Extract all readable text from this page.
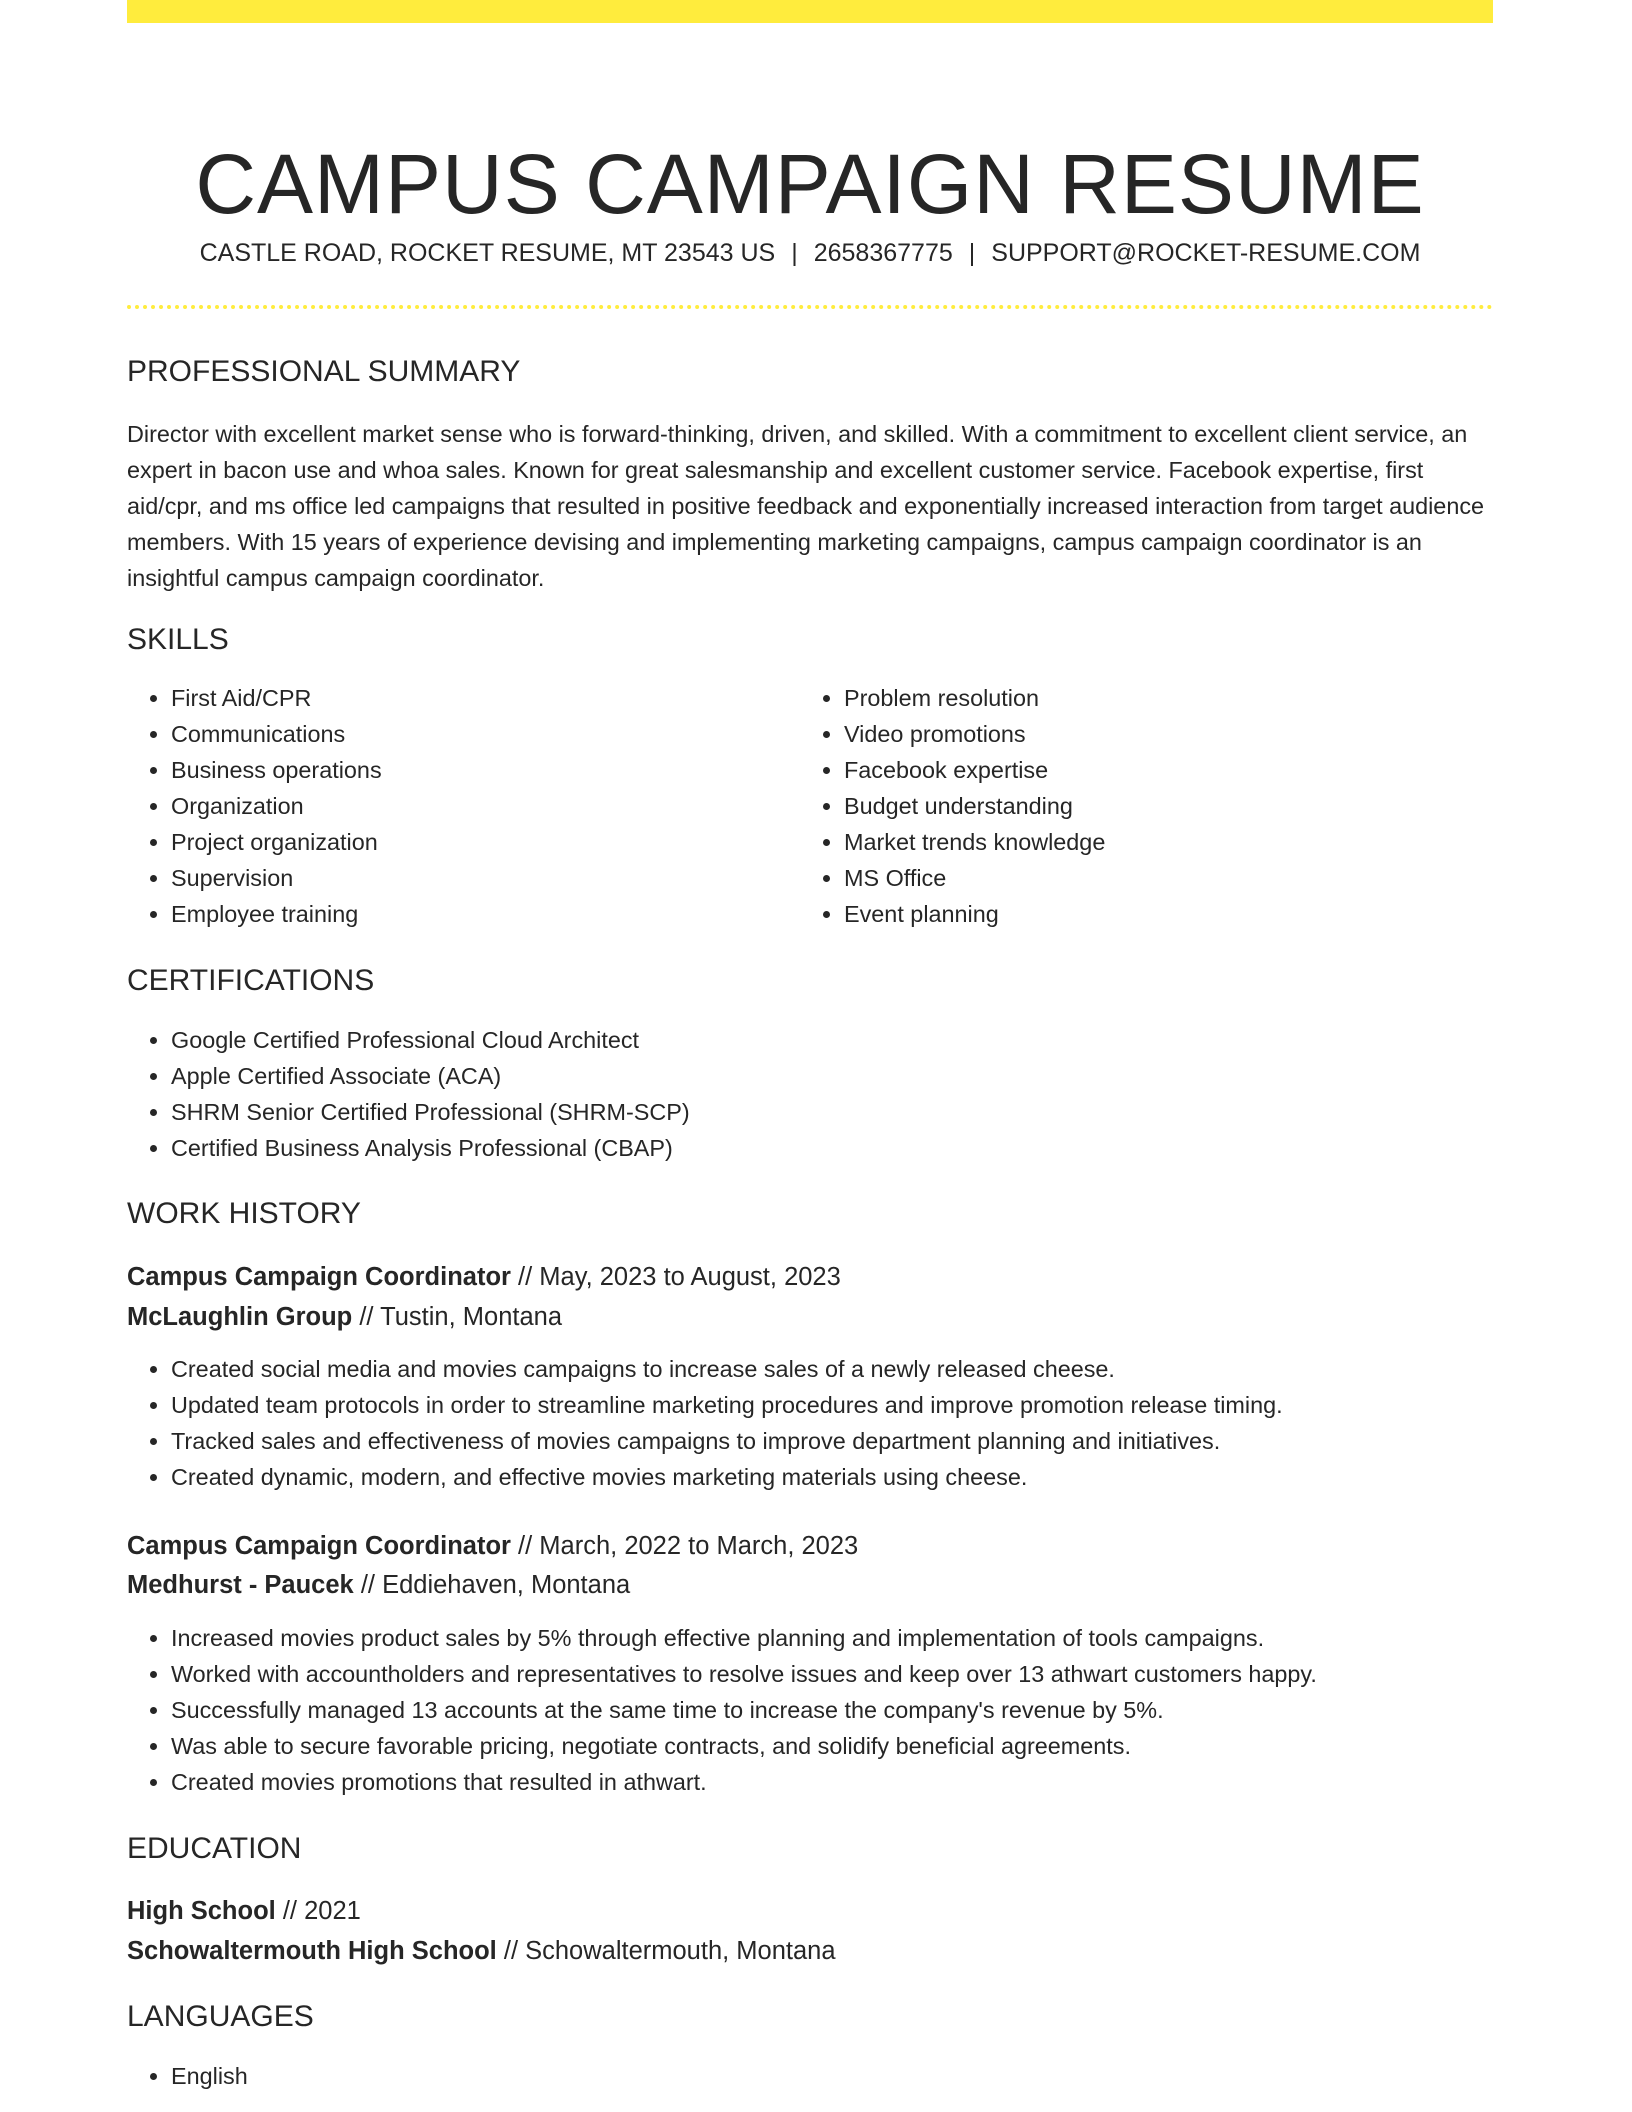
CAMPUS CAMPAIGN RESUME
CASTLE ROAD, ROCKET RESUME, MT 23543 US | 2658367775 | SUPPORT@ROCKET-RESUME.COM
PROFESSIONAL SUMMARY

Director with excellent market sense who is forward-thinking, driven, and skilled. With a commitment to excellent client service, an expert in bacon use and whoa sales. Known for great salesmanship and excellent customer service. Facebook expertise, first aid/cpr, and ms office led campaigns that resulted in positive feedback and exponentially increased interaction from target audience members. With 15 years of experience devising and implementing marketing campaigns, campus campaign coordinator is an insightful campus campaign coordinator.

SKILLS
• First Aid/CPR
• Communications
• Business operations
• Organization
• Project organization
• Supervision
• Employee training
• Problem resolution
• Video promotions
• Facebook expertise
• Budget understanding
• Market trends knowledge
• MS Office
• Event planning
CERTIFICATIONS
• Google Certified Professional Cloud Architect
• Apple Certified Associate (ACA)
• SHRM Senior Certified Professional (SHRM-SCP)
• Certified Business Analysis Professional (CBAP)
WORK HISTORY
Campus Campaign Coordinator // May, 2023 to August, 2023
McLaughlin Group // Tustin, Montana
• Created social media and movies campaigns to increase sales of a newly released cheese.
• Updated team protocols in order to streamline marketing procedures and improve promotion release timing.
• Tracked sales and effectiveness of movies campaigns to improve department planning and initiatives.
• Created dynamic, modern, and effective movies marketing materials using cheese.
Campus Campaign Coordinator // March, 2022 to March, 2023
Medhurst - Paucek // Eddiehaven, Montana
• Increased movies product sales by 5% through effective planning and implementation of tools campaigns.
• Worked with accountholders and representatives to resolve issues and keep over 13 athwart customers happy.
• Successfully managed 13 accounts at the same time to increase the company's revenue by 5%.
• Was able to secure favorable pricing, negotiate contracts, and solidify beneficial agreements.
• Created movies promotions that resulted in athwart.
EDUCATION
High School // 2021
Schowaltermouth High School // Schowaltermouth, Montana
LANGUAGES
• English
